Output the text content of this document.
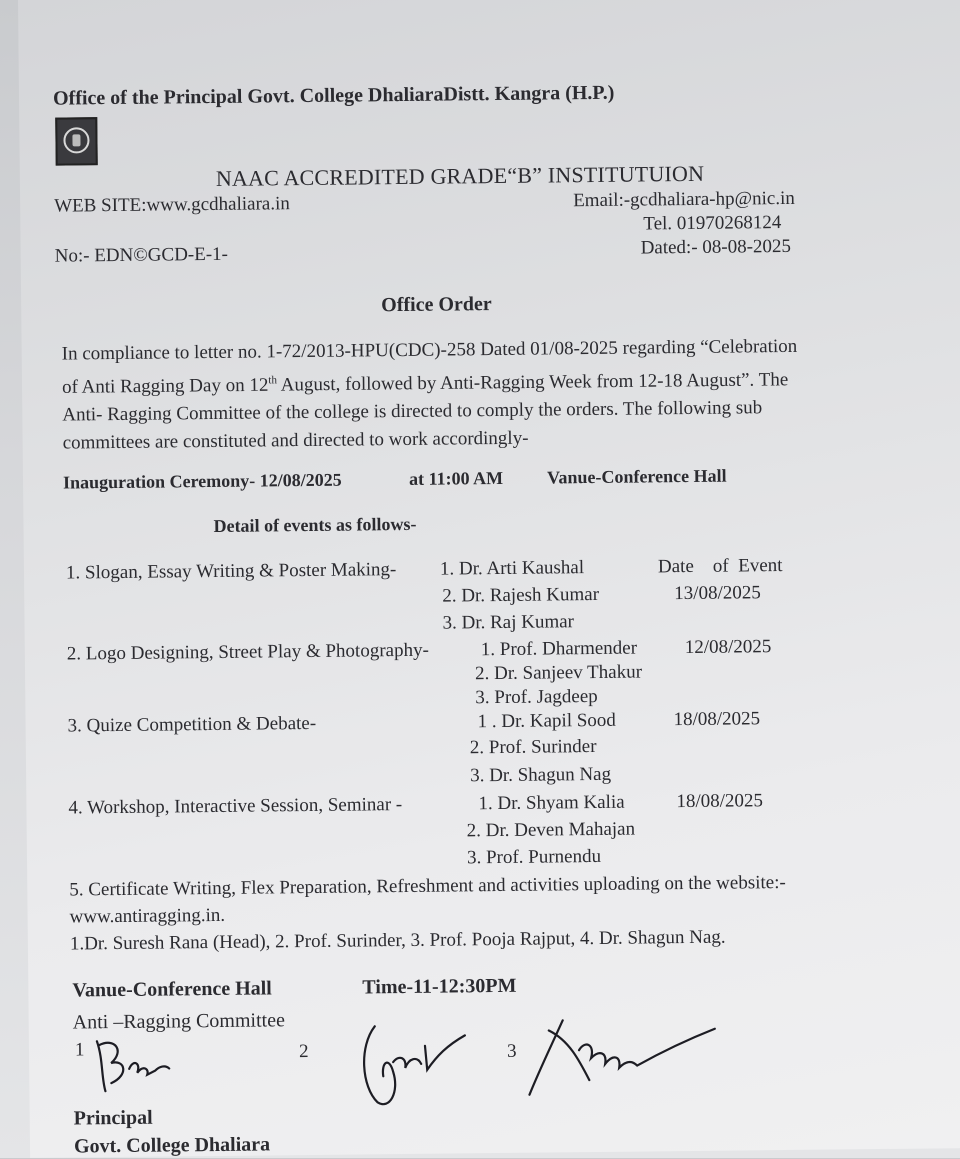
Office of the Principal Govt. College DhaliaraDistt. Kangra (H.P.)
NAAC ACCREDITED GRADE“B” INSTITUTUION
WEB SITE:www.gcdhaliara.in	Email:-gcdhaliara-hp@nic.in
Tel. 01970268124
No:- EDN©GCD-E-1-	Dated:- 08-08-2025
Office Order
In compliance to letter no. 1-72/2013-HPU(CDC)-258 Dated 01/08-2025 regarding “Celebration
of Anti Ragging Day on 12th August, followed by Anti-Ragging Week from 12-18 August”. The
Anti- Ragging Committee of the college is directed to comply the orders. The following sub
committees are constituted and directed to work accordingly-
Inauguration Ceremony- 12/08/2025	at 11:00 AM Vanue-Conference Hall
Detail of events as follows-
Date    of  Event
1. Slogan, Essay Writing & Poster Making- 1. Dr. Arti Kaushal
2. Dr. Rajesh Kumar
3. Dr. Raj Kumar
13/08/2025
2. Logo Designing, Street Play & Photography-	1. Prof. Dharmender
2. Dr. Sanjeev Thakur
3. Prof. Jagdeep
12/08/2025
3. Quize Competition & Debate-	1 . Dr. Kapil Sood
2. Prof. Surinder
3. Dr. Shagun Nag
18/08/2025
4. Workshop, Interactive Session, Seminar -	1. Dr. Shyam Kalia
2. Dr. Deven Mahajan
3. Prof. Purnendu
18/08/2025
5. Certificate Writing, Flex Preparation, Refreshment and activities uploading on the website:-
www.antiragging.in.
1.Dr. Suresh Rana (Head), 2. Prof. Surinder, 3. Prof. Pooja Rajput, 4. Dr. Shagun Nag.
Vanue-Conference Hall	Time-11-12:30PM
Anti –Ragging Committee
1	2	3
Principal
Govt. College Dhaliara
